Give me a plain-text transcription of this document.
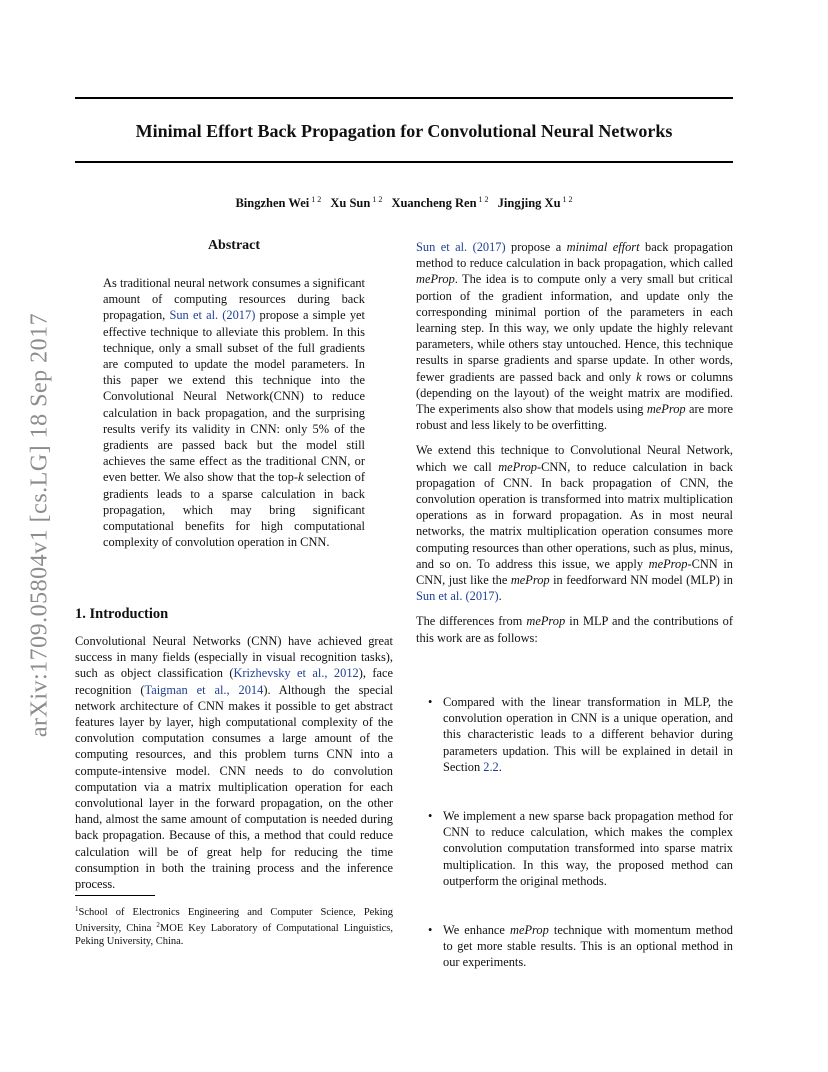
Minimal Effort Back Propagation for Convolutional Neural Networks
Bingzhen Wei $^{1 2}$ Xu Sun $^{1 2}$ Xuancheng Ren $^{1 2}$ Jingjing Xu $^{1 2}$
arXiv:1709.05804v1 [cs.LG] 18 Sep 2017
Abstract

As traditional neural network consumes a significant amount of computing resources during back propagation, Sun et al. (2017) propose a simple yet effective technique to alleviate this problem. In this technique, only a small subset of the full gradients are computed to update the model parameters. In this paper we extend this technique into the Convolutional Neural Network(CNN) to reduce calculation in back propagation, and the surprising results verify its validity in CNN: only 5% of the gradients are passed back but the model still achieves the same effect as the traditional CNN, or even better. We also show that the top-k selection of gradients leads to a sparse calculation in back propagation, which may bring significant computational benefits for high computational complexity of convolution operation in CNN.

1. Introduction

Convolutional Neural Networks (CNN) have achieved great success in many fields (especially in visual recognition tasks), such as object classification (Krizhevsky et al., 2012), face recognition (Taigman et al., 2014). Although the special network architecture of CNN makes it possible to get abstract features layer by layer, high computational complexity of the convolution computation consumes a large amount of the computing resources, and this problem turns CNN into a compute-intensive model. CNN needs to do convolution computation via a matrix multiplication operation for each convolutional layer in the forward propagation, on the other hand, almost the same amount of computation is needed during back propagation. Because of this, a method that could reduce calculation will be of great help for reducing the time consumption in both the training process and the inference process.

$^1$School of Electronics Engineering and Computer Science, Peking University, China $^2$MOE Key Laboratory of Computational Linguistics, Peking University, China.

Sun et al. (2017) propose a minimal effort back propagation method to reduce calculation in back propagation, which called meProp. The idea is to compute only a very small but critical portion of the gradient information, and update only the corresponding minimal portion of the parameters in each learning step. In this way, we only update the highly relevant parameters, while others stay untouched. Hence, this technique results in sparse gradients and sparse update. In other words, fewer gradients are passed back and only k rows or columns (depending on the layout) of the weight matrix are modified. The experiments also show that models using meProp are more robust and less likely to be overfitting.

We extend this technique to Convolutional Neural Network, which we call meProp-CNN, to reduce calculation in back propagation of CNN. In back propagation of CNN, the convolution operation is transformed into matrix multiplication operations as in forward propagation. As in most neural networks, the matrix multiplication operation consumes more computing resources than other operations, such as plus, minus, and so on. To address this issue, we apply meProp-CNN in CNN, just like the meProp in feedforward NN model (MLP) in Sun et al. (2017).

The differences from meProp in MLP and the contributions of this work are as follows:

• Compared with the linear transformation in MLP, the convolution operation in CNN is a unique operation, and this characteristic leads to a different behavior during parameters updation. This will be explained in detail in Section 2.2.

• We implement a new sparse back propagation method for CNN to reduce calculation, which makes the complex convolution computation transformed into sparse matrix multiplication. In this way, the proposed method can outperform the original methods.

• We enhance meProp technique with momentum method to get more stable results. This is an optional method in our experiments.
